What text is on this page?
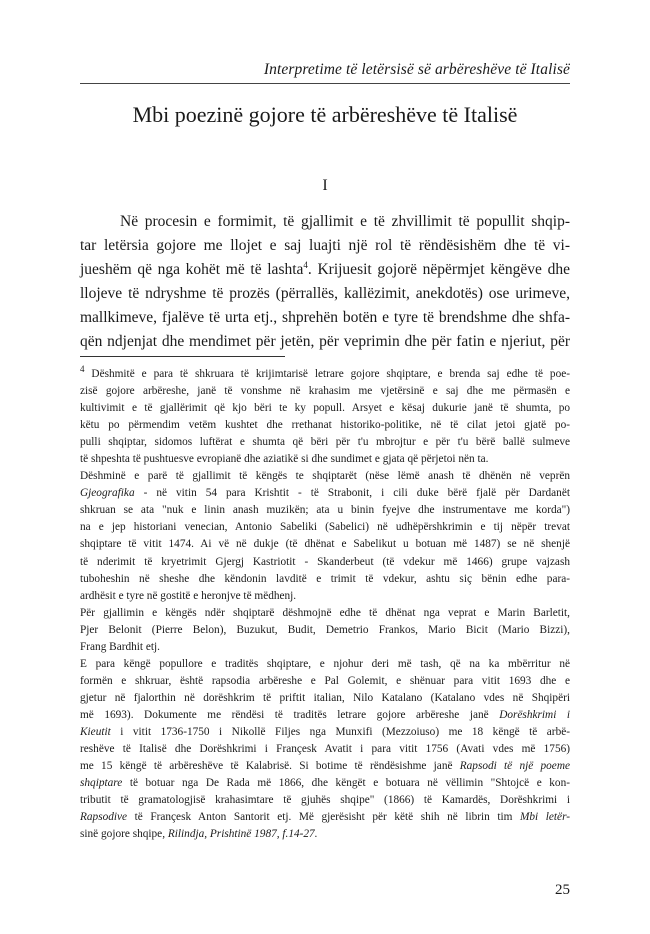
Interpretime të letërsisë së arbëreshëve të Italisë
Mbi poezinë gojore të arbëreshëve të Italisë
I
Në procesin e formimit, të gjallimit e të zhvillimit të popullit shqip-
tar letërsia gojore me llojet e saj luajti një rol të rëndësishëm dhe të vi-
jueshëm që nga kohët më të lashta$^4$. Krijuesit gojorë nëpërmjet këngëve dhe
llojeve të ndryshme të prozës (përrallës, kallëzimit, anekdotës) ose urimeve,
mallkimeve, fjalëve të urta etj., shprehën botën e tyre të brendshme dhe shfa-
qën ndjenjat dhe mendimet për jetën, për veprimin dhe për fatin e njeriut, për
$^4$ Dëshmitë e para të shkruara të krijimtarisë letrare gojore shqiptare, e brenda saj edhe të poe-
zisë gojore arbëreshe, janë të vonshme në krahasim me vjetërsinë e saj dhe me përmasën e
kultivimit e të gjallërimit që kjo bëri te ky popull. Arsyet e kësaj dukurie janë të shumta, po
këtu po përmendim vetëm kushtet dhe rrethanat historiko-politike, në të cilat jetoi gjatë po-
pulli shqiptar, sidomos luftërat e shumta që bëri për t'u mbrojtur e për t'u bërë ballë sulmeve
të shpeshta të pushtuesve evropianë dhe aziatikë si dhe sundimet e gjata që përjetoi nën ta.
Dëshminë e parë të gjallimit të këngës te shqiptarët (nëse lëmë anash të dhënën në veprën
Gjeografika - në vitin 54 para Krishtit - të Strabonit, i cili duke bërë fjalë për Dardanët
shkruan se ata "nuk e linin anash muzikën; ata u binin fyejve dhe instrumentave me korda")
na e jep historiani venecian, Antonio Sabeliki (Sabelici) në udhëpërshkrimin e tij nëpër trevat
shqiptare të vitit 1474. Ai vë në dukje (të dhënat e Sabelikut u botuan më 1487) se në shenjë
të nderimit të kryetrimit Gjergj Kastriotit - Skanderbeut (të vdekur më 1466) grupe vajzash
tuboheshin në sheshe dhe këndonin lavditë e trimit të vdekur, ashtu siç bënin edhe para-
ardhësit e tyre në gostitë e heronjve të mëdhenj.
Për gjallimin e këngës ndër shqiptarë dëshmojnë edhe të dhënat nga veprat e Marin Barletit,
Pjer Belonit (Pierre Belon), Buzukut, Budit, Demetrio Frankos, Mario Bicit (Mario Bizzi),
Frang Bardhit etj.
E para këngë popullore e traditës shqiptare, e njohur deri më tash, që na ka mbërritur në
formën e shkruar, është rapsodia arbëreshe e Pal Golemit, e shënuar para vitit 1693 dhe e
gjetur në fjalorthin në dorëshkrim të priftit italian, Nilo Katalano (Katalano vdes në Shqipëri
më 1693). Dokumente me rëndësi të traditës letrare gojore arbëreshe janë Dorëshkrimi i
Kieutit i vitit 1736-1750 i Nikollë Filjes nga Munxifi (Mezzoiuso) me 18 këngë të arbë-
reshëve të Italisë dhe Dorëshkrimi i Françesk Avatit i para vitit 1756 (Avati vdes më 1756)
me 15 këngë të arbëreshëve të Kalabrisë. Si botime të rëndësishme janë Rapsodi të një poeme
shqiptare të botuar nga De Rada më 1866, dhe këngët e botuara në vëllimin "Shtojcë e kon-
tributit të gramatologjisë krahasimtare të gjuhës shqipe" (1866) të Kamardës, Dorëshkrimi i
Rapsodive të Françesk Anton Santorit etj. Më gjerësisht për këtë shih në librin tim Mbi letër-
sinë gojore shqipe, Rilindja, Prishtinë 1987, f.14-27.
25
